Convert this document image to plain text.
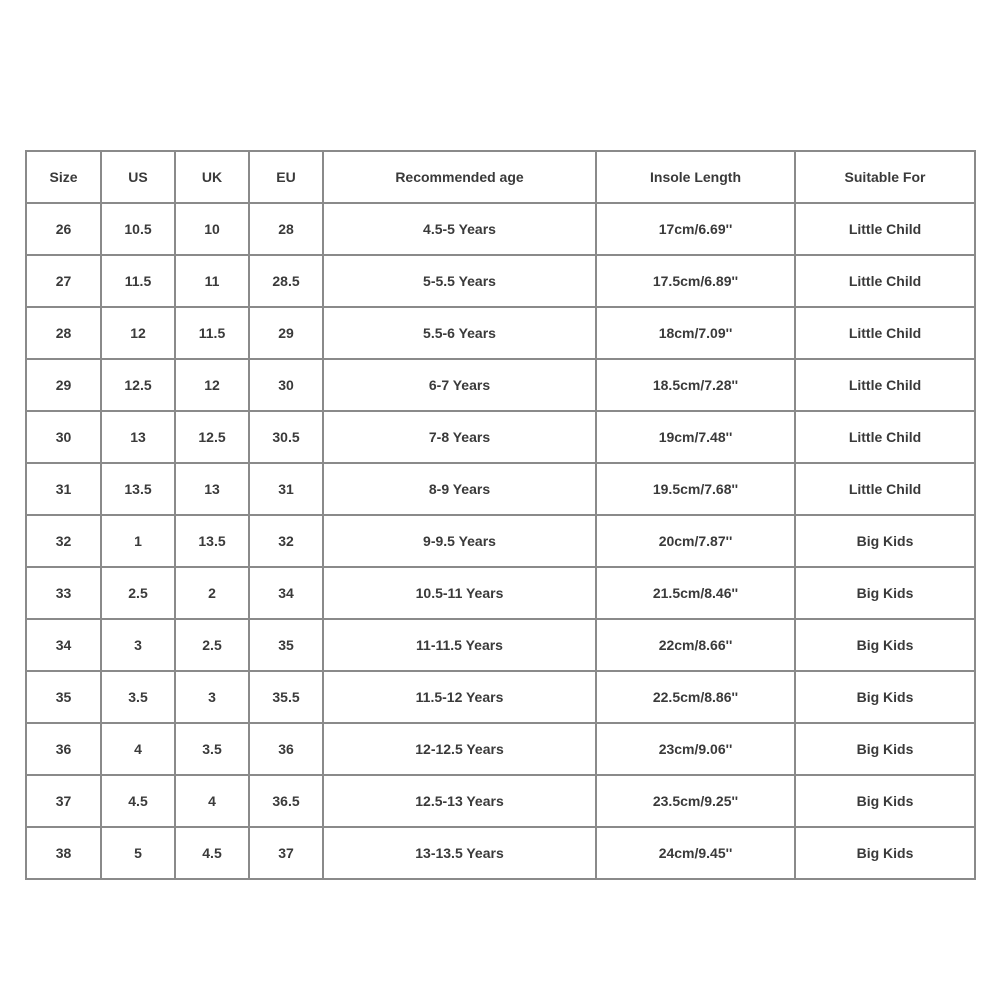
Size	US	UK	EU	Recommended age	Insole Length	Suitable For
26	10.5	10	28	4.5-5 Years	17cm/6.69''	Little Child
27	11.5	11	28.5	5-5.5 Years	17.5cm/6.89''	Little Child
28	12	11.5	29	5.5-6 Years	18cm/7.09''	Little Child
29	12.5	12	30	6-7 Years	18.5cm/7.28''	Little Child
30	13	12.5	30.5	7-8 Years	19cm/7.48''	Little Child
31	13.5	13	31	8-9 Years	19.5cm/7.68''	Little Child
32	1	13.5	32	9-9.5 Years	20cm/7.87''	Big Kids
33	2.5	2	34	10.5-11 Years	21.5cm/8.46''	Big Kids
34	3	2.5	35	11-11.5 Years	22cm/8.66''	Big Kids
35	3.5	3	35.5	11.5-12 Years	22.5cm/8.86''	Big Kids
36	4	3.5	36	12-12.5 Years	23cm/9.06''	Big Kids
37	4.5	4	36.5	12.5-13 Years	23.5cm/9.25''	Big Kids
38	5	4.5	37	13-13.5 Years	24cm/9.45''	Big Kids
